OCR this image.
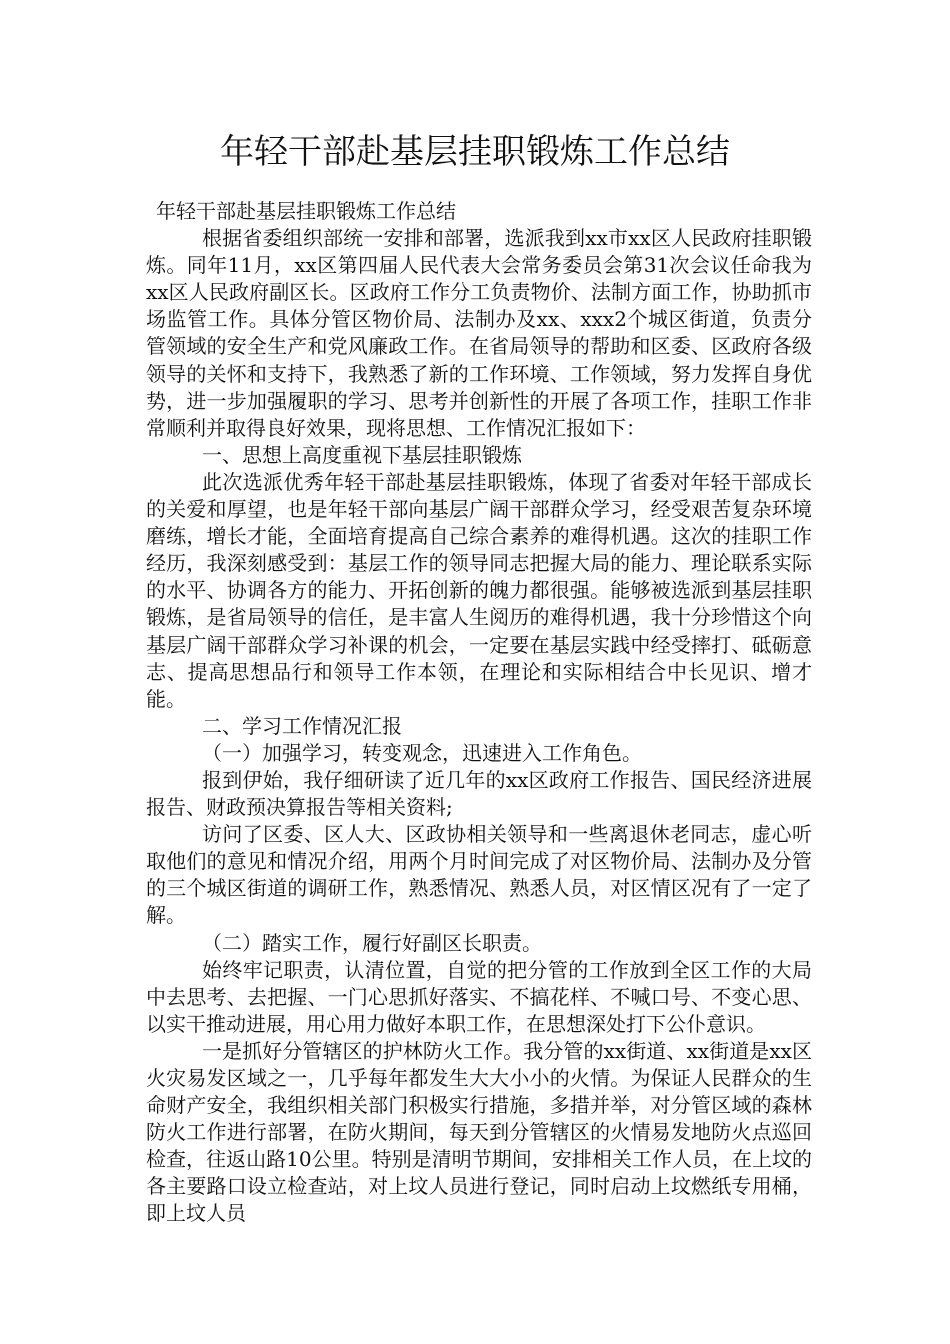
年轻干部赴基层挂职锻炼工作总结

年轻干部赴基层挂职锻炼工作总结

根据省委组织部统一安排和部署，选派我到xx市xx区人民政府挂职锻炼。同年11月，xx区第四届人民代表大会常务委员会第31次会议任命我为xx区人民政府副区长。区政府工作分工负责物价、法制方面工作，协助抓市场监管工作。具体分管区物价局、法制办及xx、xxx2个城区街道，负责分管领域的安全生产和党风廉政工作。在省局领导的帮助和区委、区政府各级领导的关怀和支持下，我熟悉了新的工作环境、工作领域，努力发挥自身优势，进一步加强履职的学习、思考并创新性的开展了各项工作，挂职工作非常顺利并取得良好效果，现将思想、工作情况汇报如下：

一、思想上高度重视下基层挂职锻炼

此次选派优秀年轻干部赴基层挂职锻炼，体现了省委对年轻干部成长的关爱和厚望，也是年轻干部向基层广阔干部群众学习，经受艰苦复杂环境磨练，增长才能，全面培育提高自己综合素养的难得机遇。这次的挂职工作经历，我深刻感受到：基层工作的领导同志把握大局的能力、理论联系实际的水平、协调各方的能力、开拓创新的魄力都很强。能够被选派到基层挂职锻炼，是省局领导的信任，是丰富人生阅历的难得机遇，我十分珍惜这个向基层广阔干部群众学习补课的机会，一定要在基层实践中经受摔打、砥砺意志、提高思想品行和领导工作本领，在理论和实际相结合中长见识、增才能。

二、学习工作情况汇报

（一）加强学习，转变观念，迅速进入工作角色。

报到伊始，我仔细研读了近几年的xx区政府工作报告、国民经济进展报告、财政预决算报告等相关资料;

访问了区委、区人大、区政协相关领导和一些离退休老同志，虚心听取他们的意见和情况介绍，用两个月时间完成了对区物价局、法制办及分管的三个城区街道的调研工作，熟悉情况、熟悉人员，对区情区况有了一定了解。

（二）踏实工作，履行好副区长职责。

始终牢记职责，认清位置，自觉的把分管的工作放到全区工作的大局中去思考、去把握、一门心思抓好落实、不搞花样、不喊口号、不变心思、以实干推动进展，用心用力做好本职工作，在思想深处打下公仆意识。

一是抓好分管辖区的护林防火工作。我分管的xx街道、xx街道是xx区火灾易发区域之一，几乎每年都发生大大小小的火情。为保证人民群众的生命财产安全，我组织相关部门积极实行措施，多措并举，对分管区域的森林防火工作进行部署，在防火期间，每天到分管辖区的火情易发地防火点巡回检查，往返山路10公里。特别是清明节期间，安排相关工作人员，在上坟的各主要路口设立检查站，对上坟人员进行登记，同时启动上坟燃纸专用桶，即上坟人员
